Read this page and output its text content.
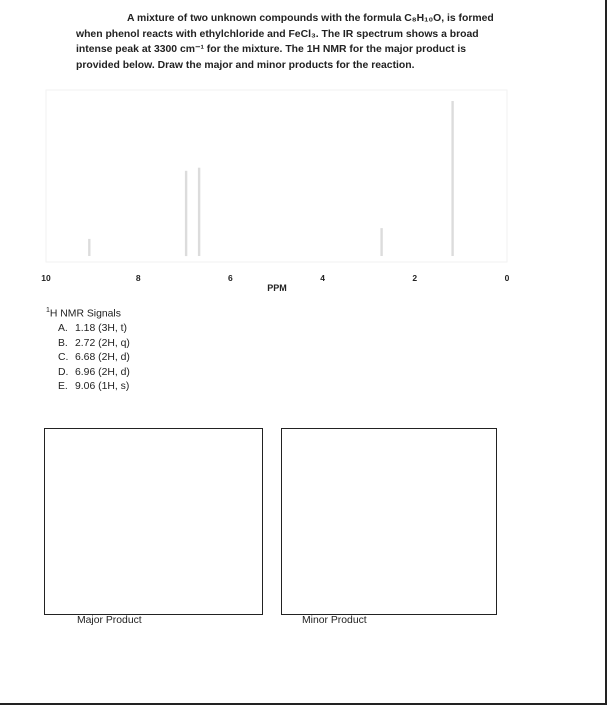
A mixture of two unknown compounds with the formula C₈H₁₀O, is formed
when phenol reacts with ethylchloride and FeCl₃. The IR spectrum shows a broad
intense peak at 3300 cm⁻¹ for the mixture. The 1H NMR for the major product is
provided below. Draw the major and minor products for the reaction.
10	8	6	4	2	0
PPM
$^1$H NMR Signals
A. 1.18 (3H, t)
B. 2.72 (2H, q)
C. 6.68 (2H, d)
D. 6.96 (2H, d)
E. 9.06 (1H, s)
Major Product	Minor Product
